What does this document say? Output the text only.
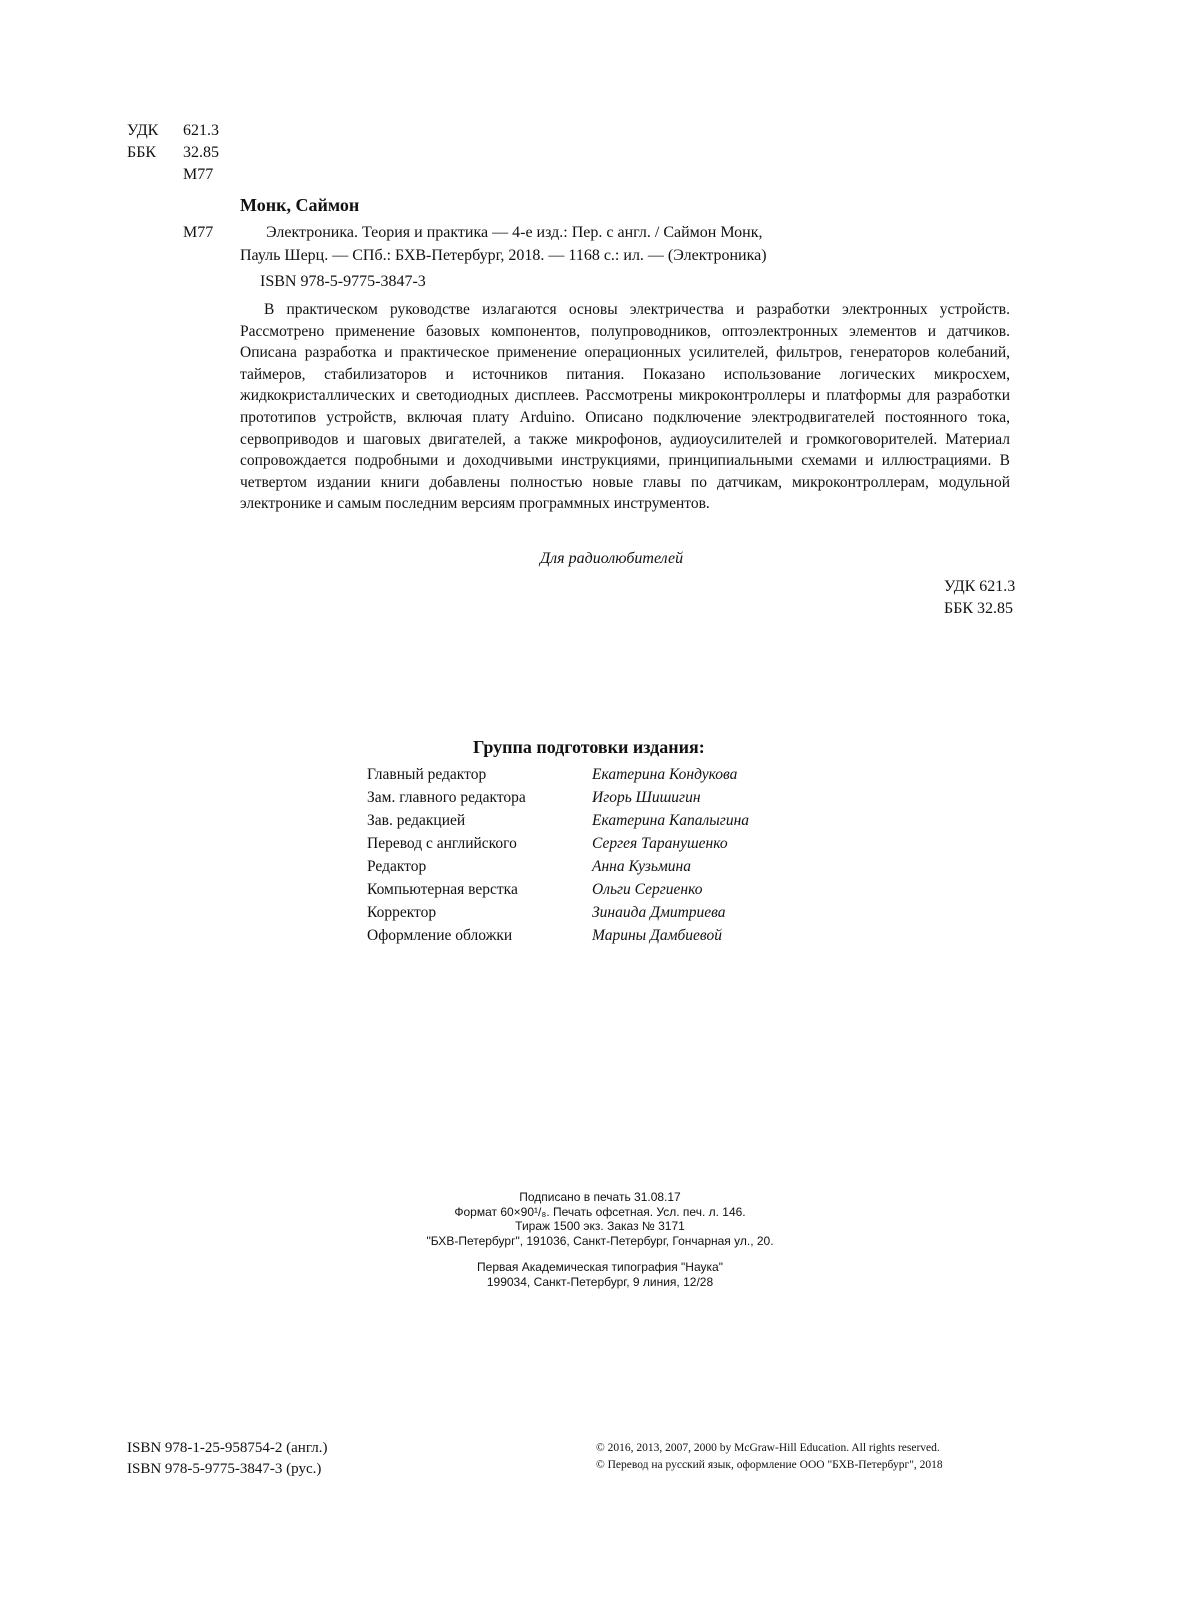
УДК	621.3
ББК	32.85
М77
Монк, Саймон
М77	Электроника. Теория и практика — 4-е изд.: Пер. с англ. / Саймон Монк,
Пауль Шерц. — СПб.: БХВ-Петербург, 2018. — 1168 с.: ил. — (Электроника)
ISBN 978-5-9775-3847-3

В практическом руководстве излагаются основы электричества и разработки электронных устройств. Рассмотрено применение базовых компонентов, полупроводников, оптоэлектронных элементов и датчиков. Описана разработка и практическое применение операционных усилителей, фильтров, генераторов колебаний, таймеров, стабилизаторов и источников питания. Показано использование логических микросхем, жидкокристаллических и светодиодных дисплеев. Рассмотрены микроконтроллеры и платформы для разработки прототипов устройств, включая плату Arduino. Описано подключение электродвигателей постоянного тока, сервоприводов и шаговых двигателей, а также микрофонов, аудиоусилителей и громкоговорителей. Материал сопровождается подробными и доходчивыми инструкциями, принципиальными схемами и иллюстрациями. В четвертом издании книги добавлены полностью новые главы по датчикам, микроконтроллерам, модульной электронике и самым последним версиям программных инструментов.

Для радиолюбителей
УДК 621.3
ББК 32.85
Группа подготовки издания:
Главный редактор	Екатерина Кондукова
Зам. главного редактора	Игорь Шишигин
Зав. редакцией	Екатерина Капалыгина
Перевод с английского	Сергея Таранушенко
Редактор	Анна Кузьмина
Компьютерная верстка	Ольги Сергиенко
Корректор	Зинаида Дмитриева
Оформление обложки	Марины Дамбиевой
Подписано в печать 31.08.17
Формат 60×90¹/₈. Печать офсетная. Усл. печ. л. 146.
Тираж 1500 экз. Заказ № 3171
"БХВ-Петербург", 191036, Санкт-Петербург, Гончарная ул., 20.
Первая Академическая типография "Наука"
199034, Санкт-Петербург, 9 линия, 12/28
ISBN 978-1-25-958754-2 (англ.)
ISBN 978-5-9775-3847-3 (рус.)
© 2016, 2013, 2007, 2000 by McGraw-Hill Education. All rights reserved.
© Перевод на русский язык, оформление ООО "БХВ-Петербург", 2018
